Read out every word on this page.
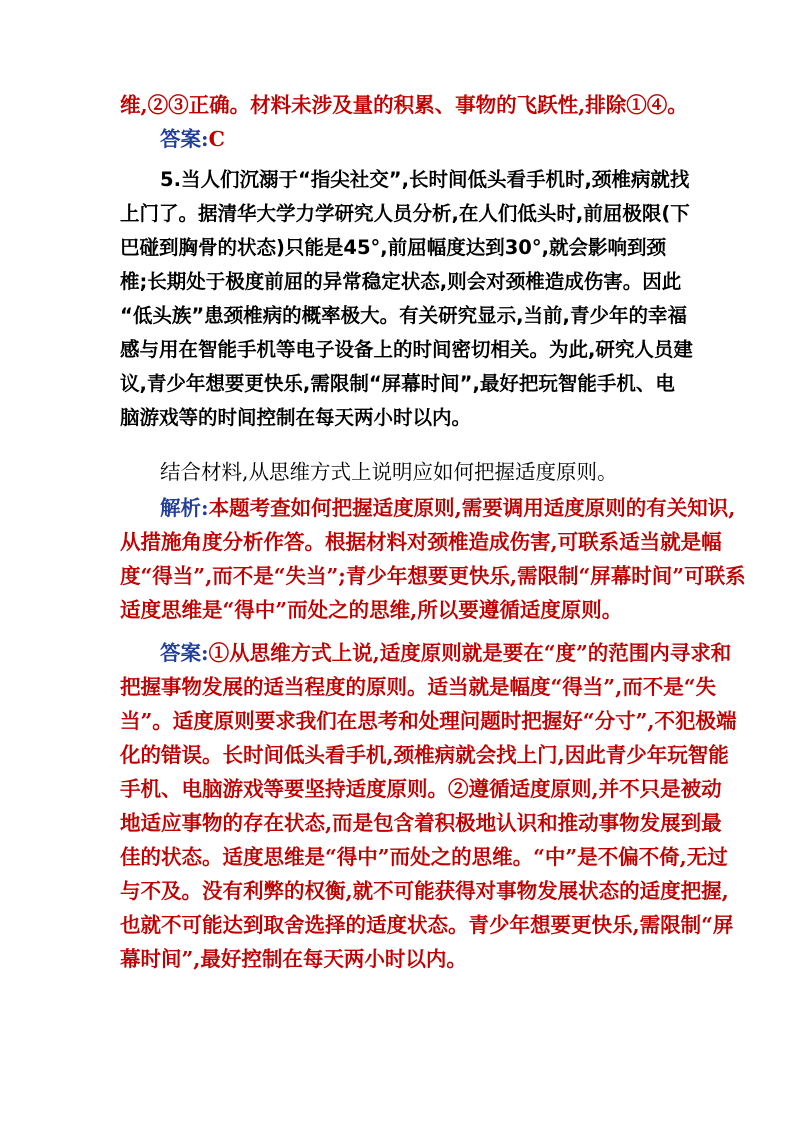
维,②③正确。材料未涉及量的积累、事物的飞跃性,排除①④。
答案:C
5.当人们沉溺于“指尖社交”,长时间低头看手机时,颈椎病就找
上门了。据清华大学力学研究人员分析,在人们低头时,前屈极限(下
巴碰到胸骨的状态)只能是45°,前屈幅度达到30°,就会影响到颈
椎;长期处于极度前屈的异常稳定状态,则会对颈椎造成伤害。因此
“低头族”患颈椎病的概率极大。有关研究显示,当前,青少年的幸福
感与用在智能手机等电子设备上的时间密切相关。为此,研究人员建
议,青少年想要更快乐,需限制“屏幕时间”,最好把玩智能手机、电
脑游戏等的时间控制在每天两小时以内。
结合材料,从思维方式上说明应如何把握适度原则。
解析:本题考查如何把握适度原则,需要调用适度原则的有关知识,
从措施角度分析作答。根据材料对颈椎造成伤害,可联系适当就是幅
度“得当”,而不是“失当”;青少年想要更快乐,需限制“屏幕时间”可联系
适度思维是“得中”而处之的思维,所以要遵循适度原则。
答案:①从思维方式上说,适度原则就是要在“度”的范围内寻求和
把握事物发展的适当程度的原则。适当就是幅度“得当”,而不是“失
当”。适度原则要求我们在思考和处理问题时把握好“分寸”,不犯极端
化的错误。长时间低头看手机,颈椎病就会找上门,因此青少年玩智能
手机、电脑游戏等要坚持适度原则。②遵循适度原则,并不只是被动
地适应事物的存在状态,而是包含着积极地认识和推动事物发展到最
佳的状态。适度思维是“得中”而处之的思维。“中”是不偏不倚,无过
与不及。没有利弊的权衡,就不可能获得对事物发展状态的适度把握,
也就不可能达到取舍选择的适度状态。青少年想要更快乐,需限制“屏
幕时间”,最好控制在每天两小时以内。
